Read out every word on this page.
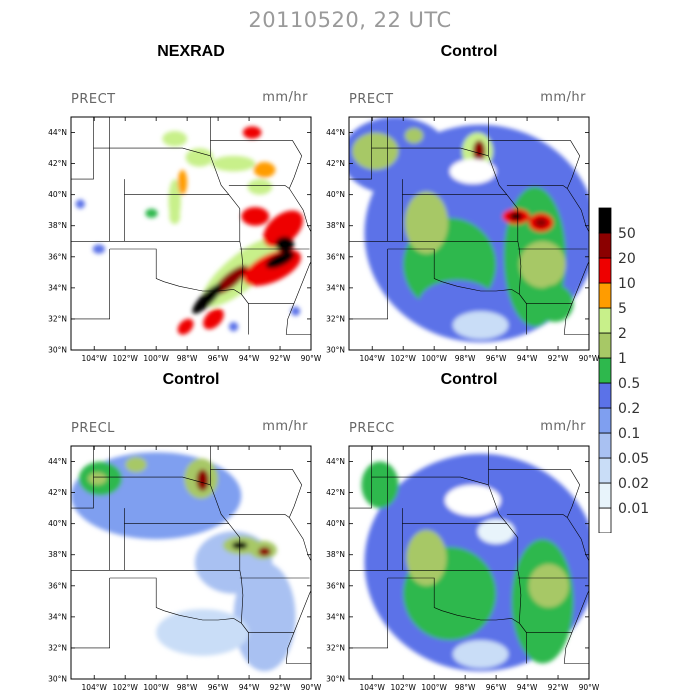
20110520, 22 UTC
NEXRAD	Control
Control	Control
PRECT	mm/hr	PRECT	mm/hr
PRECL	mm/hr	PRECC	mm/hr
104°W 102°W 100°W 98°W 96°W 94°W 92°W 90°W
30°N
32°N
34°N
36°N
38°N
40°N
42°N
44°N
104°W 102°W 100°W 98°W 96°W 94°W 92°W 90°W
30°N
32°N
34°N
36°N
38°N
40°N
42°N
44°N
104°W 102°W 100°W 98°W 96°W 94°W 92°W 90°W
30°N
32°N
34°N
36°N
38°N
40°N
42°N
44°N
104°W 102°W 100°W 98°W 96°W 94°W 92°W 90°W
30°N
32°N
34°N
36°N
38°N
40°N
42°N
44°N
0.01
0.02
0.05
0.1
0.2
0.5
1
2
5
10
20
50
